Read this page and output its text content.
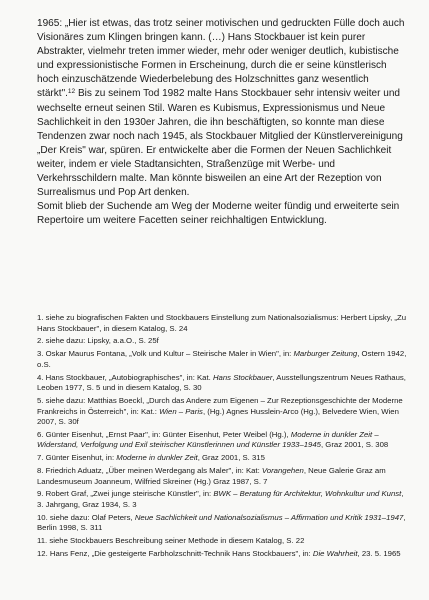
1965: „Hier ist etwas, das trotz seiner motivischen und gedruckten Fülle doch auch Visionäres zum Klingen bringen kann. (…) Hans Stockbauer ist kein purer Abstrakter, vielmehr treten immer wieder, mehr oder weniger deutlich, kubistische und expressionistische Formen in Erscheinung, durch die er seine künstlerisch hoch einzuschätzende Wiederbelebung des Holzschnittes ganz wesentlich stärkt".$^{12}$ Bis zu seinem Tod 1982 malte Hans Stockbauer sehr intensiv weiter und wechselte erneut seinen Stil. Waren es Kubismus, Expressionismus und Neue Sachlichkeit in den 1930er Jahren, die ihn beschäftigten, so konnte man diese Tendenzen zwar noch nach 1945, als Stockbauer Mitglied der Künstlervereinigung „Der Kreis" war, spüren. Er entwickelte aber die Formen der Neuen Sachlichkeit weiter, indem er viele Stadtansichten, Straßenzüge mit Werbe- und Verkehrsschildern malte. Man könnte bisweilen an eine Art der Rezeption von Surrealismus und Pop Art denken.
Somit blieb der Suchende am Weg der Moderne weiter fündig und erweiterte sein Repertoire um weitere Facetten seiner reichhaltigen Entwicklung.
1. siehe zu biografischen Fakten und Stockbauers Einstellung zum Nationalsozialismus: Herbert Lipsky, „Zu Hans Stockbauer", in diesem Katalog, S. 24
2. siehe dazu: Lipsky, a.a.O., S. 25f
3. Oskar Maurus Fontana, „Volk und Kultur – Steirische Maler in Wien", in: Marburger Zeitung, Ostern 1942, o.S.
4. Hans Stockbauer, „Autobiographisches", in: Kat. Hans Stockbauer, Ausstellungszentrum Neues Rathaus, Leoben 1977, S. 5 und in diesem Katalog, S. 30
5. siehe dazu: Matthias Boeckl, „Durch das Andere zum Eigenen – Zur Rezeptionsgeschichte der Moderne Frankreichs in Österreich", in: Kat.: Wien – Paris, (Hg.) Agnes Husslein-Arco (Hg.), Belvedere Wien, Wien 2007, S. 30f
6. Günter Eisenhut, „Ernst Paar", in: Günter Eisenhut, Peter Weibel (Hg.), Moderne in dunkler Zeit – Widerstand, Verfolgung und Exil steirischer Künstlerinnen und Künstler 1933–1945, Graz 2001, S. 308
7. Günter Eisenhut, in: Moderne in dunkler Zeit, Graz 2001, S. 315
8. Friedrich Aduatz, „Über meinen Werdegang als Maler", in: Kat: Vorangehen, Neue Galerie Graz am Landesmuseum Joanneum, Wilfried Skreiner (Hg.) Graz 1987, S. 7
9. Robert Graf, „Zwei junge steirische Künstler", in: BWK – Beratung für Architektur, Wohnkultur und Kunst, 3. Jahrgang, Graz 1934, S. 3
10. siehe dazu: Olaf Peters, Neue Sachlichkeit und Nationalsozialismus – Affirmation und Kritik 1931–1947, Berlin 1998, S. 311
11. siehe Stockbauers Beschreibung seiner Methode in diesem Katalog, S. 22
12. Hans Fenz, „Die gesteigerte Farbholzschnitt-Technik Hans Stockbauers", in: Die Wahrheit, 23. 5. 1965
